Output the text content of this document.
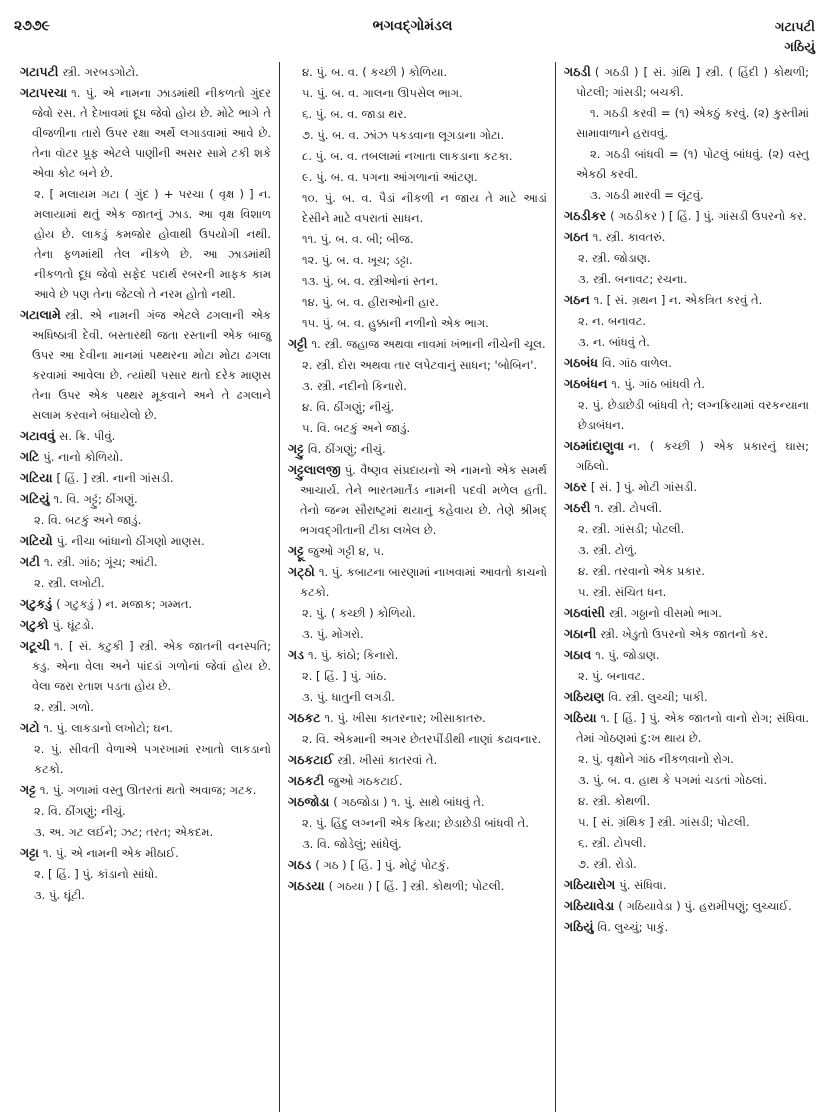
૨૭૭૯	ભગવદ્ગોમંડલ	ગટાપટી
ગઠિયું

ગટાપટી સ્ત્રી. ગરબડગોટો.

ગટાપરચા ૧. પું. એ નામના ઝાડમાંથી નીકળતો ગુંદર જેવો રસ. તે દેખાવમાં દૂધ જેવો હોય છે. મોટે ભાગે તે વીજળીના તારો ઉપર રક્ષા અર્થે લગાડવામાં આવે છે. તેના વૉટર પ્રૂફ એટલે પાણીની અસર સામે ટકી શકે એવા કોટ બને છે.

૨. [ મલાયમ ગટા ( ગુંદ ) + પરચા ( વૃક્ષ ) ] ન. મલાયામાં થતું એક જાતનું ઝાડ. આ વૃક્ષ વિશાળ હોય છે. લાકડું કમજોર હોવાથી ઉપયોગી નથી. તેના ફળમાંથી તેલ નીકળે છે. આ ઝાડમાંથી નીકળતો દૂધ જેવો સફેદ પદાર્થ રબરની માફક કામ આવે છે પણ તેના જેટલો તે નરમ હોતો નથી.

ગટાલામે સ્ત્રી. એ નામની ગંજ એટલે ઢગલાની એક અધિષ્ઠાત્રી દેવી. બસ્તારથી જતા રસ્તાની એક બાજુ ઉપર આ દેવીના માનમાં પથ્થરના મોટા મોટા ઢગલા કરવામાં આવેલા છે. ત્યાંથી પસાર થતો દરેક માણસ તેના ઉપર એક પથ્થર મૂકવાને અને તે ઢગલાને સલામ કરવાને બંધાયેલો છે.

ગટાવવું સ. ક્રિ. પીવું.

ગટિ પું. નાનો કોળિયો.

ગટિયા [ હિં. ] સ્ત્રી. નાની ગાંસડી.

ગટિયું ૧. વિ. ગટ્ટું; ઠીંગણું.

૨. વિ. બટકું અને જાડું.

ગટિયો પું. નીચા બાંધાનો ઠીંગણો માણસ.

ગટી ૧. સ્ત્રી. ગાંઠ; ગૂંચ; આંટી.

૨. સ્ત્રી. લખોટી.

ગટુકડું ( ગટુકડું ) ન. મજાક; ગમ્મત.

ગટુકો પું. ઘૂંટડો.

ગટૂચી ૧. [ સં. કટુકી ] સ્ત્રી. એક જાતની વનસ્પતિ; કડુ. એના વેલા અને પાંદડાં ગળોનાં જેવાં હોય છે. વેલા જરા રતાશ પડતા હોય છે.

૨. સ્ત્રી. ગળો.

ગટો ૧. પું. લાકડાનો લખોટો; ઘન.

૨. પું. સીવતી વેળાએ પગરખામાં રખાતો લાકડાનો કટકો.

ગટ્ટ ૧. પું. ગળામાં વસ્તુ ઊતરતાં થતો અવાજ; ગટક.

૨. વિ. ઠીંગણું; નીચું.

૩. અ. ગટ લઈને; ઝટ; તરત; એકદમ.

ગટ્ટા ૧. પું. એ નામની એક મીઠાઈ.

૨. [ હિં. ] પું. કાંડાનો સાંધો.

૩. પું. ઘૂંટી.

૪. પું. બ. વ. ( કચ્છી ) કોળિયા.

૫. પું. બ. વ. ગાલના ઊપસેલ ભાગ.

૬. પું. બ. વ. જાડા થર.

૭. પું. બ. વ. ઝાંઝ પકડવાના લૂગડાના ગોટા.

૮. પું. બ. વ. તબલામાં નખાતા લાકડાના કટકા.

૯. પું. બ. વ. પગના આંગળાનાં આંટણ.

૧૦. પું. બ. વ. પૈડાં નીકળી ન જાય તે માટે આડાં દેસીને માટે વપરાતાં સાધન.

૧૧. પું. બ. વ. બી; બીજ.

૧૨. પું. બ. વ. ખૂચ; ડટ્ટા.

૧૩. પું. બ. વ. સ્ત્રીઓનાં સ્તન.

૧૪. પું. બ. વ. હીરાઓની હાર.

૧૫. પું. બ. વ. હુક્કાની નળીનો એક ભાગ.

ગટ્ટી ૧. સ્ત્રી. જહાજ અથવા નાવમાં ખંભાની નીચેની ચૂલ.

૨. સ્ત્રી. દોરા અથવા તાર લપેટવાનું સાધન; 'બોબિન'.

૩. સ્ત્રી. નદીનો કિનારો.

૪. વિ. ઠીંગણું; નીચું.

૫. વિ. બટકું અને જાડું.

ગટ્ટુ વિ. ઠીંગણું; નીચું.

ગટ્ટુલાલજી પું. વૈષ્ણવ સંપ્રદાયનો એ નામનો એક સમર્થ આચાર્ય. તેને ભારતમાર્તંડ નામની પદવી મળેલ હતી. તેનો જન્મ સૌરાષ્ટ્રમાં થયાનું કહેવાય છે. તેણે શ્રીમદ્ ભગવદ્ગીતાની ટીકા લખેલ છે.

ગટ્ટૂ જુઓ ગટ્ટી ૪, ૫.

ગટ્ઠો ૧. પું. કબાટના બારણામાં નાખવામાં આવતો કાચનો કટકો.

૨. પું. ( કચ્છી ) કોળિયો.

૩. પું. મોગરો.

ગડ ૧. પું. કાંઠો; કિનારો.

૨. [ હિં. ] પું. ગાંઠ.

૩. પું. ધાતુની લગડી.

ગઠકટ ૧. પું. ખીસા કાતરનાર; ખીસાકાતરુ.

૨. વિ. એકમાની અગર છેતરપીંડીથી નાણાં કઢાવનાર.

ગઠકટાઈ સ્ત્રી. ખીસાં કાતરવાં તે.

ગઠકટી જુઓ ગઠકટાઈ.

ગઠજોડા ( ગઠજોડા ) ૧. પું. સાથે બાંધવું તે.

૨. પું. હિંદુ લગ્નની એક ક્રિયા; છેડાછેડી બાંધવી તે.

૩. વિ. જોડેલું; સાંધેલું.

ગઠડ ( ગઠ ) [ હિં. ] પું. મોટું પોટકું.

ગઠડયા ( ગઠયા ) [ હિં. ] સ્ત્રી. કોથળી; પોટલી.

ગઠડી ( ગઠડી ) [ સં. ગ્રંથિ ] સ્ત્રી. ( હિંદી ) કોથળી; પોટલી; ગાંસડી; બચકી.

૧. ગઠડી કરવી = (૧) એકઠું કરવું. (૨) કુસ્તીમાં સામાવાળાને હરાવવું.

૨. ગઠડી બાંધવી = (૧) પોટલું બાંધવું. (૨) વસ્તુ એકઠી કરવી.

૩. ગઠડી મારવી = લૂંટવું.

ગઠડીકર ( ગઠડીકર ) [ હિં. ] પું. ગાંસડી ઉપરનો કર.

ગઠત ૧. સ્ત્રી. કાવતરું.

૨. સ્ત્રી. જોડાણ.

૩. સ્ત્રી. બનાવટ; રચના.

ગઠન ૧. [ સં. ગ્રથન ] ન. એકત્રિત કરવું તે.

૨. ન. બનાવટ.

૩. ન. બાંધવું તે.

ગઠબંધ વિ. ગાંઠ વાળેલ.

ગઠબંધન ૧. પું. ગાંઠ બાંધવી તે.

૨. પું. છેડાછેડી બાંધવી તે; લગ્નક્રિયામાં વરકન્યાના છેડાબંધન.

ગઠમાંદાણુવા ન. ( કચ્છી ) એક પ્રકારનું ઘાસ; ગઠિલો.

ગઠર [ સં. ] પું. મોટી ગાંસડી.

ગઠરી ૧. સ્ત્રી. ટોપલી.

૨. સ્ત્રી. ગાંસડી; પોટલી.

૩. સ્ત્રી. ટોળું.

૪. સ્ત્રી. તરવાનો એક પ્રકાર.

૫. સ્ત્રી. સંચિત ધન.

ગઠવાંસી સ્ત્રી. ગઠ્ઠાનો વીસમો ભાગ.

ગઠાની સ્ત્રી. ખેડુતો ઉપરનો એક જાતનો કર.

ગઠાવ ૧. પું. જોડાણ.

૨. પું. બનાવટ.

ગઠિયણ વિ. સ્ત્રી. લુચ્ચી; પાકી.

ગઠિયા ૧. [ હિં. ] પું. એક જાતનો વાનો રોગ; સંધિવા. તેમાં ગોઠણમાં દુ:ખ થાય છે.

૨. પું. વૃક્ષોને ગાંઠ નીકળવાનો રોગ.

૩. પું. બ. વ. હાથ કે પગમાં ચડતાં ગોઠલાં.

૪. સ્ત્રી. કોથળી.

૫. [ સં. ગ્રંથિક ] સ્ત્રી. ગાંસડી; પોટલી.

૬. સ્ત્રી. ટોપલી.

૭. સ્ત્રી. રોડો.

ગઠિયારોગ પું. સંધિવા.

ગઠિયાવેડા ( ગઠિયાવેડા ) પું. હરામીપણું; લુચ્ચાઈ.

ગઠિયું વિ. લુચ્ચું; પાકું.
